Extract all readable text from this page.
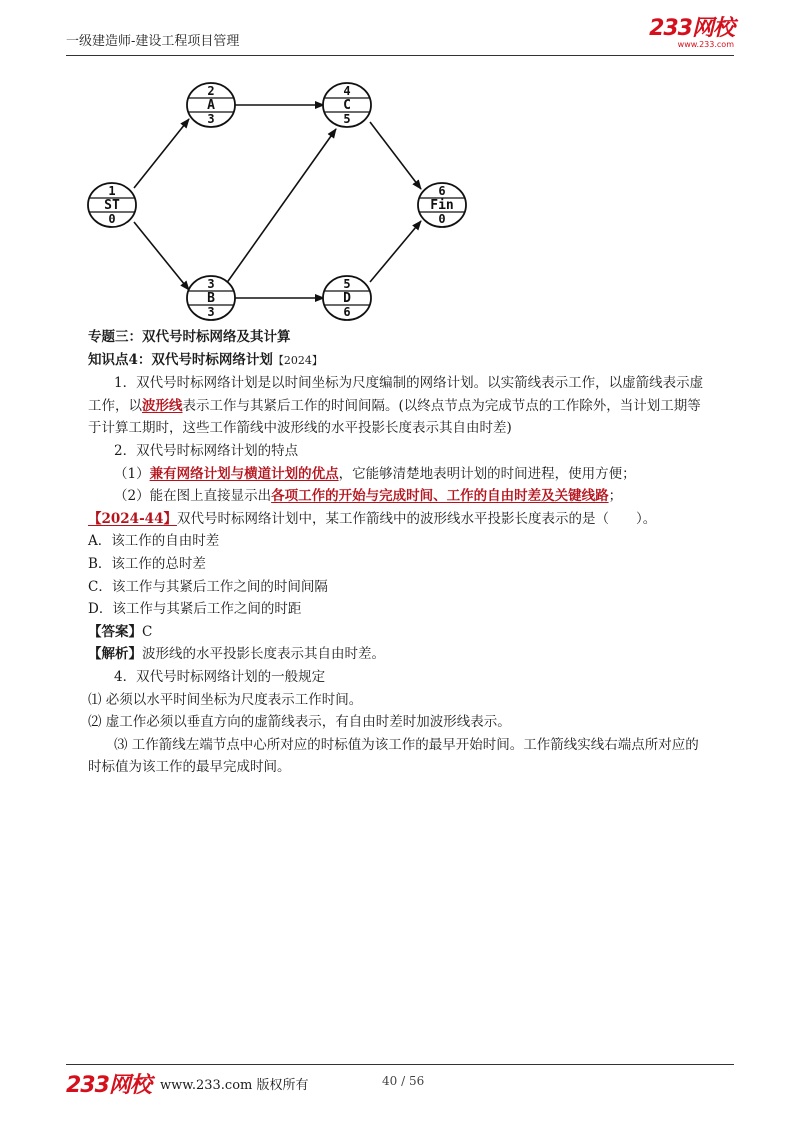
一级建造师-建设工程项目管理
233网校
www.233.com
1
ST
0
2
A
3
3
B
3
4
C
5
5
D
6
6
Fin
0

专题三：双代号时标网络及其计算

知识点4：双代号时标网络计划【2024】

1．双代号时标网络计划是以时间坐标为尺度编制的网络计划。以实箭线表示工作，以虚箭线表示虚工作，以波形线表示工作与其紧后工作的时间间隔。(以终点节点为完成节点的工作除外，当计划工期等于计算工期时，这些工作箭线中波形线的水平投影长度表示其自由时差)

2．双代号时标网络计划的特点

（1）兼有网络计划与横道计划的优点，它能够清楚地表明计划的时间进程，使用方便；

（2）能在图上直接显示出各项工作的开始与完成时间、工作的自由时差及关键线路；

【2024-44】双代号时标网络计划中，某工作箭线中的波形线水平投影长度表示的是（　　）。

A．该工作的自由时差

B．该工作的总时差

C．该工作与其紧后工作之间的时间间隔

D．该工作与其紧后工作之间的时距

【答案】C

【解析】波形线的水平投影长度表示其自由时差。

4．双代号时标网络计划的一般规定

⑴ 必须以水平时间坐标为尺度表示工作时间。

⑵ 虚工作必须以垂直方向的虚箭线表示，有自由时差时加波形线表示。

⑶ 工作箭线左端节点中心所对应的时标值为该工作的最早开始时间。工作箭线实线右端点所对应的时标值为该工作的最早完成时间。

233网校 www.233.com 版权所有	40 / 56
